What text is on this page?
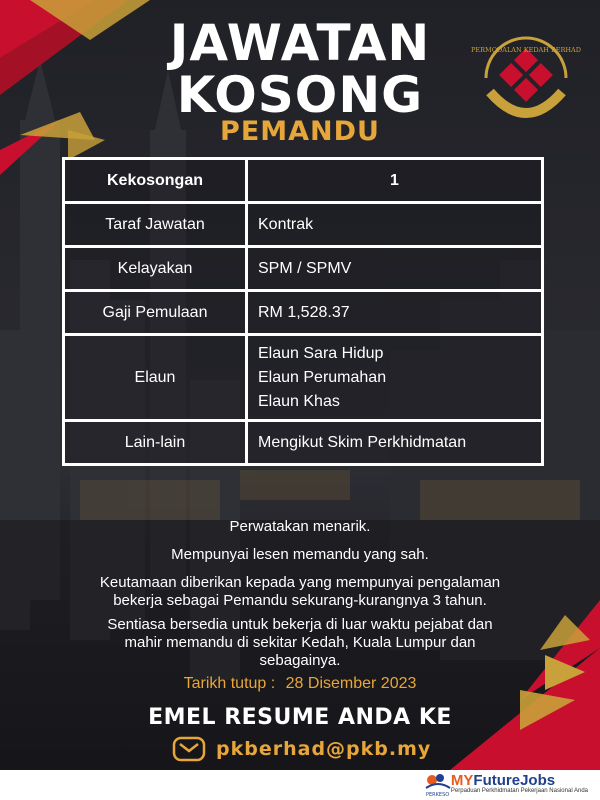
PERMODALAN KEDAH BERHAD
JAWATAN
KOSONG
PEMANDU
Kekosongan	1
Taraf Jawatan	Kontrak
Kelayakan	SPM / SPMV
Gaji Pemulaan	RM 1,528.37
Elaun	Elaun Sara Hidup
Elaun Perumahan
Elaun Khas

Lain-lain	Mengikut Skim Perkhidmatan
Perwatakan menarik.
Mempunyai lesen memandu yang sah.
Keutamaan diberikan kepada yang mempunyai pengalaman
bekerja sebagai Pemandu sekurang-kurangnya 3 tahun.
Sentiasa bersedia untuk bekerja di luar waktu pejabat dan
mahir memandu di sekitar Kedah, Kuala Lumpur dan
sebagainya.
Tarikh tutup : 28 Disember 2023
EMEL RESUME ANDA KE
pkberhad@pkb.my
PERKESO
MYFutureJobs
Perpaduan Perkhidmatan Pekerjaan Nasional Anda
